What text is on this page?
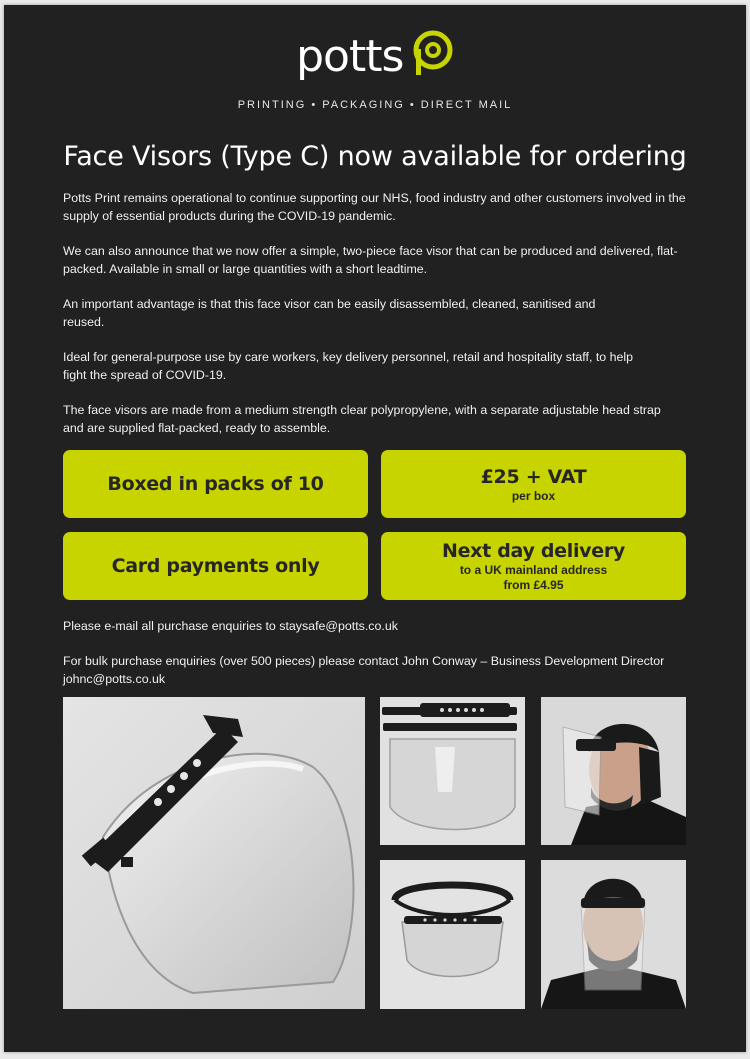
potts
PRINTING • PACKAGING • DIRECT MAIL
Face Visors (Type C) now available for ordering

Potts Print remains operational to continue supporting our NHS, food industry and other customers involved in the supply of essential products during the COVID-19 pandemic.

We can also announce that we now offer a simple, two-piece face visor that can be produced and delivered, flat-packed. Available in small or large quantities with a short leadtime.

An important advantage is that this face visor can be easily disassembled, cleaned, sanitised and reused.

Ideal for general-purpose use by care workers, key delivery personnel, retail and hospitality staff, to help fight the spread of COVID-19.

The face visors are made from a medium strength clear polypropylene, with a separate adjustable head strap and are supplied flat-packed, ready to assemble.

Boxed in packs of 10	£25 + VAT
per box
Card payments only
Next day delivery
to a UK mainland address
from £4.95

Please e-mail all purchase enquiries to staysafe@potts.co.uk

For bulk purchase enquiries (over 500 pieces) please contact John Conway – Business Development Director

johnc@potts.co.uk
